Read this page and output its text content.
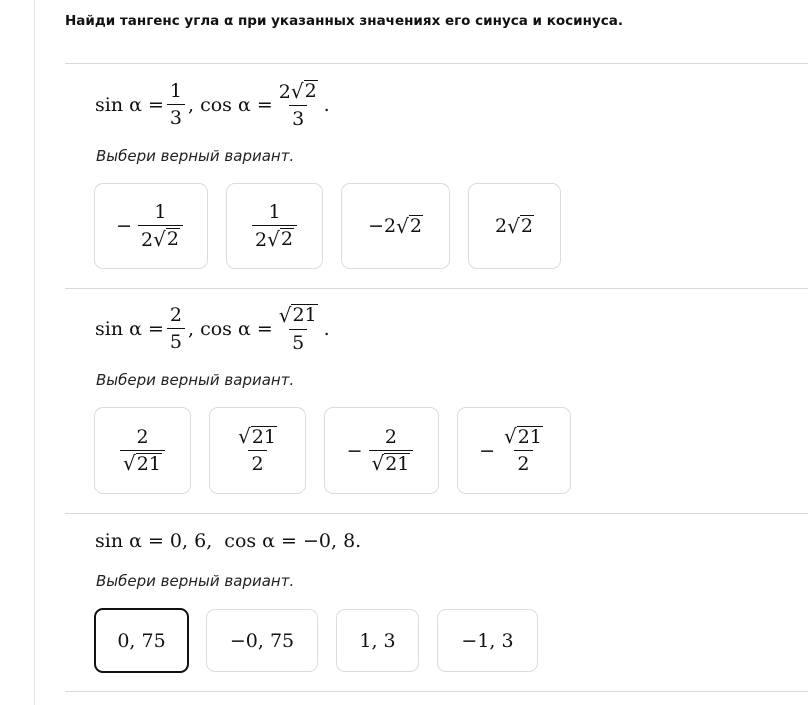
Найди тангенс угла α при указанных значениях его синуса и косинуса.
$\sin \alpha = \frac{1}{3}$ , $\cos \alpha = \frac{2 √ 2}{3}$ .
Выбери верный вариант.
− $\frac{1}{2 √ 2}$	$\frac{1}{2 √ 2}$	−2 √ 2	2 √ 2
$\sin \alpha = \frac{2}{5}$ , $\cos \alpha = \frac{√ 21}{5}$ .
Выбери верный вариант.
$\frac{2}{√ 21}$	$\frac{√ 21}{2}$	− $\frac{2}{√ 21}$	− $\frac{√ 21}{2}$
sin α = 0, 6,  cos α = −0, 8.
Выбери верный вариант.
0, 75	−0, 75	1, 3	−1, 3
